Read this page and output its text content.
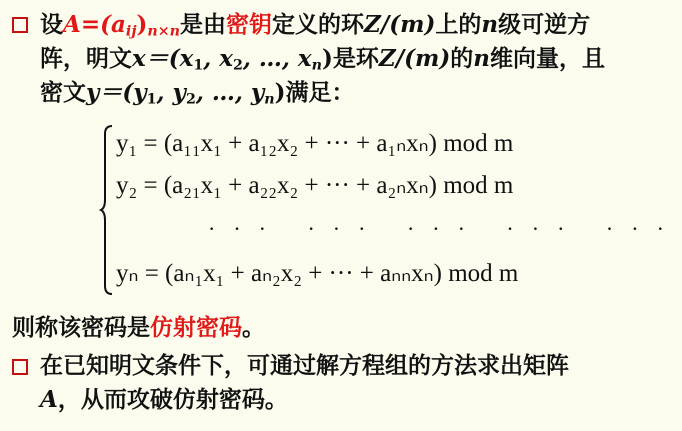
设$A=(a_{ij})_{n\times n}$是由密钥定义的环Z/(m)上的n级可逆方阵，明文$x=(x_1$, $x_2$, …, $x_n$)是环Z/(m)的n维向量，且密文$y=(y_1$, $y_2$, …, $y_n$)满足：
y₁ = (a₁₁x₁ + a₁₂x₂ + ··· + a₁ₙxₙ) mod m
y₂ = (a₂₁x₁ + a₂₂x₂ + ··· + a₂ₙxₙ) mod m
··· ··· ··· ··· ···
yₙ = (aₙ₁x₁ + aₙ₂x₂ + ··· + aₙₙxₙ) mod m
则称该密码是仿射密码。
在已知明文条件下，可通过解方程组的方法求出矩阵A，从而攻破仿射密码。
